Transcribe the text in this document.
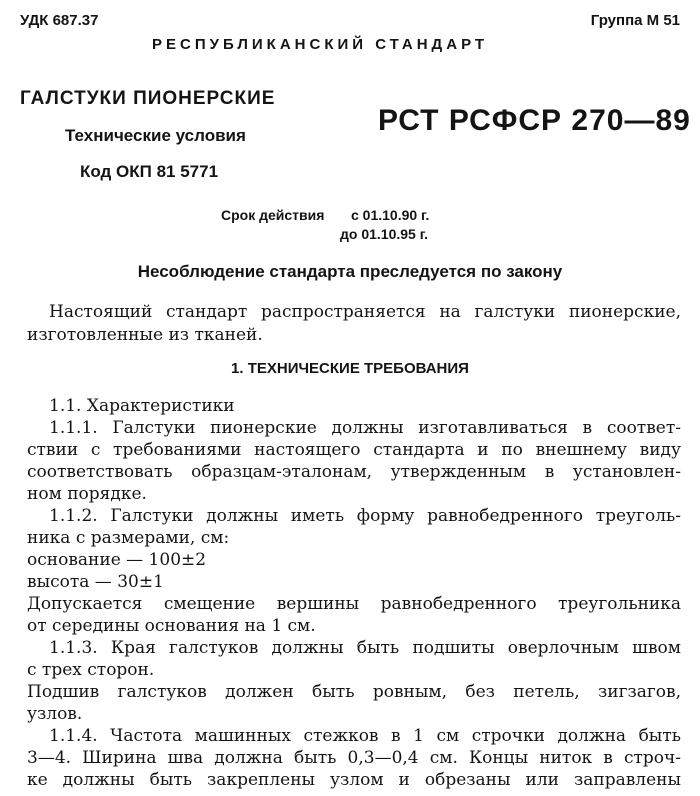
УДК 687.37	Группа М 51
РЕСПУБЛИКАНСКИЙ СТАНДАРТ
ГАЛСТУКИ ПИОНЕРСКИЕ
Технические условия
Код ОКП 81 5771
РСТ РСФСР 270—89
Срок действия с 01.10.90 г.
до 01.10.95 г.
Несоблюдение стандарта преследуется по закону
Настоящий стандарт распространяется на галстуки пионерские,
изготовленные из тканей.
1. ТЕХНИЧЕСКИЕ ТРЕБОВАНИЯ
1.1. Характеристики
1.1.1. Галстуки пионерские должны изготавливаться в соответ-
ствии с требованиями настоящего стандарта и по внешнему виду
соответствовать образцам-эталонам, утвержденным в установлен-
ном порядке.
1.1.2. Галстуки должны иметь форму равнобедренного треуголь-
ника с размерами, см:
основание — 100±2
высота — 30±1
Допускается смещение вершины равнобедренного треугольника
от середины основания на 1 см.
1.1.3. Края галстуков должны быть подшиты оверлочным швом
с трех сторон.
Подшив галстуков должен быть ровным, без петель, зигзагов,
узлов.
1.1.4. Частота машинных стежков в 1 см строчки должна быть
3—4. Ширина шва должна быть 0,3—0,4 см. Концы ниток в строч-
ке должны быть закреплены узлом и обрезаны или заправлены
